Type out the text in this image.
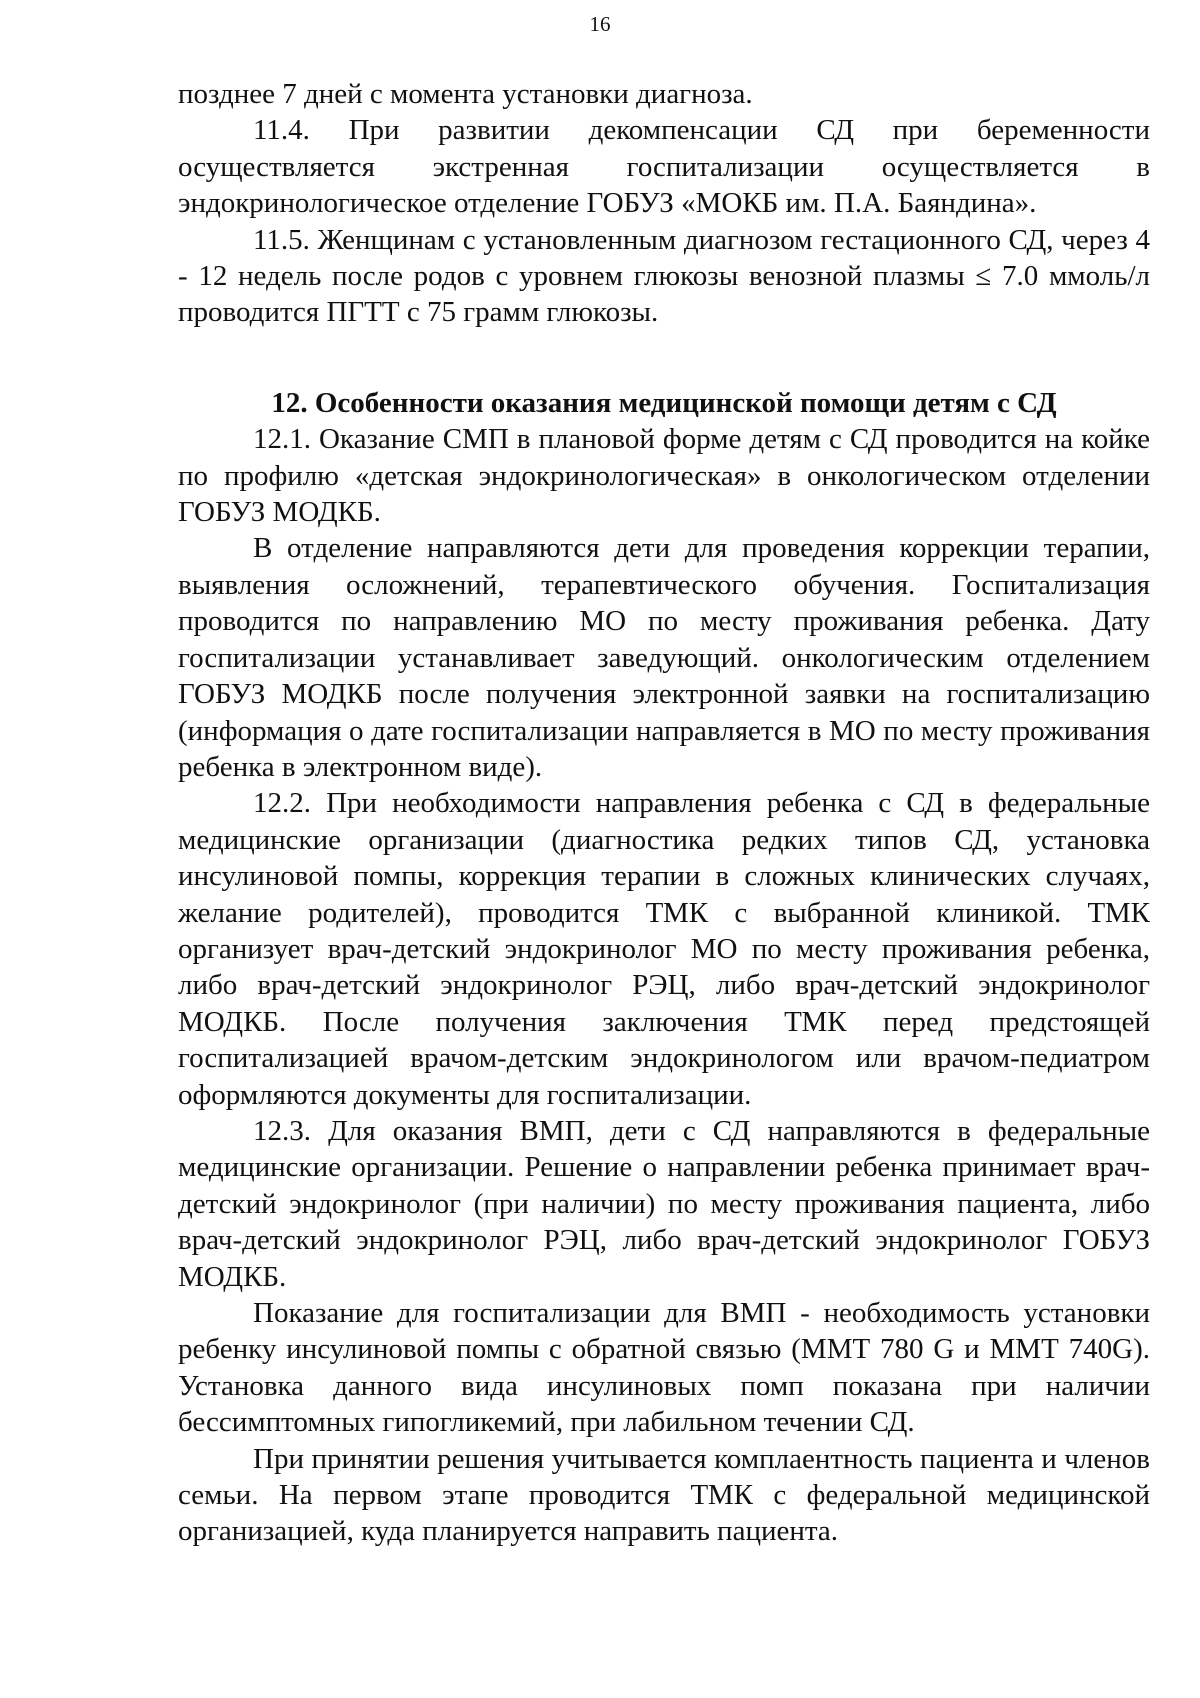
16

позднее 7 дней с момента установки диагноза.

11.4. При развитии декомпенсации СД при беременности осуществляется экстренная госпитализации осуществляется в эндокринологическое отделение ГОБУЗ «МОКБ им. П.А. Баяндина».

11.5. Женщинам с установленным диагнозом гестационного СД, через 4 - 12 недель после родов с уровнем глюкозы венозной плазмы ≤ 7.0 ммоль/л проводится ПГТТ с 75 грамм глюкозы.

12. Особенности оказания медицинской помощи детям с СД

12.1. Оказание СМП в плановой форме детям с СД проводится на койке по профилю «детская эндокринологическая» в онкологическом отделении ГОБУЗ МОДКБ.

В отделение направляются дети для проведения коррекции терапии, выявления осложнений, терапевтического обучения. Госпитализация проводится по направлению МО по месту проживания ребенка. Дату госпитализации устанавливает заведующий. онкологическим отделением ГОБУЗ МОДКБ после получения электронной заявки на госпитализацию (информация о дате госпитализации направляется в МО по месту проживания ребенка в электронном виде).

12.2. При необходимости направления ребенка с СД в федеральные медицинские организации (диагностика редких типов СД, установка инсулиновой помпы, коррекция терапии в сложных клинических случаях, желание родителей), проводится ТМК с выбранной клиникой. ТМК организует врач-детский эндокринолог МО по месту проживания ребенка, либо врач-детский эндокринолог РЭЦ, либо врач-детский эндокринолог МОДКБ. После получения заключения ТМК перед предстоящей госпитализацией врачом-детским эндокринологом или врачом-педиатром оформляются документы для госпитализации.

12.3. Для оказания ВМП, дети с СД направляются в федеральные медицинские организации. Решение о направлении ребенка принимает врач-детский эндокринолог (при наличии) по месту проживания пациента, либо врач-детский эндокринолог РЭЦ, либо врач-детский эндокринолог ГОБУЗ МОДКБ.

Показание для госпитализации для ВМП - необходимость установки ребенку инсулиновой помпы с обратной связью (ММТ 780 G и ММТ 740G). Установка данного вида инсулиновых помп показана при наличии бессимптомных гипогликемий, при лабильном течении СД.

При принятии решения учитывается комплаентность пациента и членов семьи. На первом этапе проводится ТМК с федеральной медицинской организацией, куда планируется направить пациента.
